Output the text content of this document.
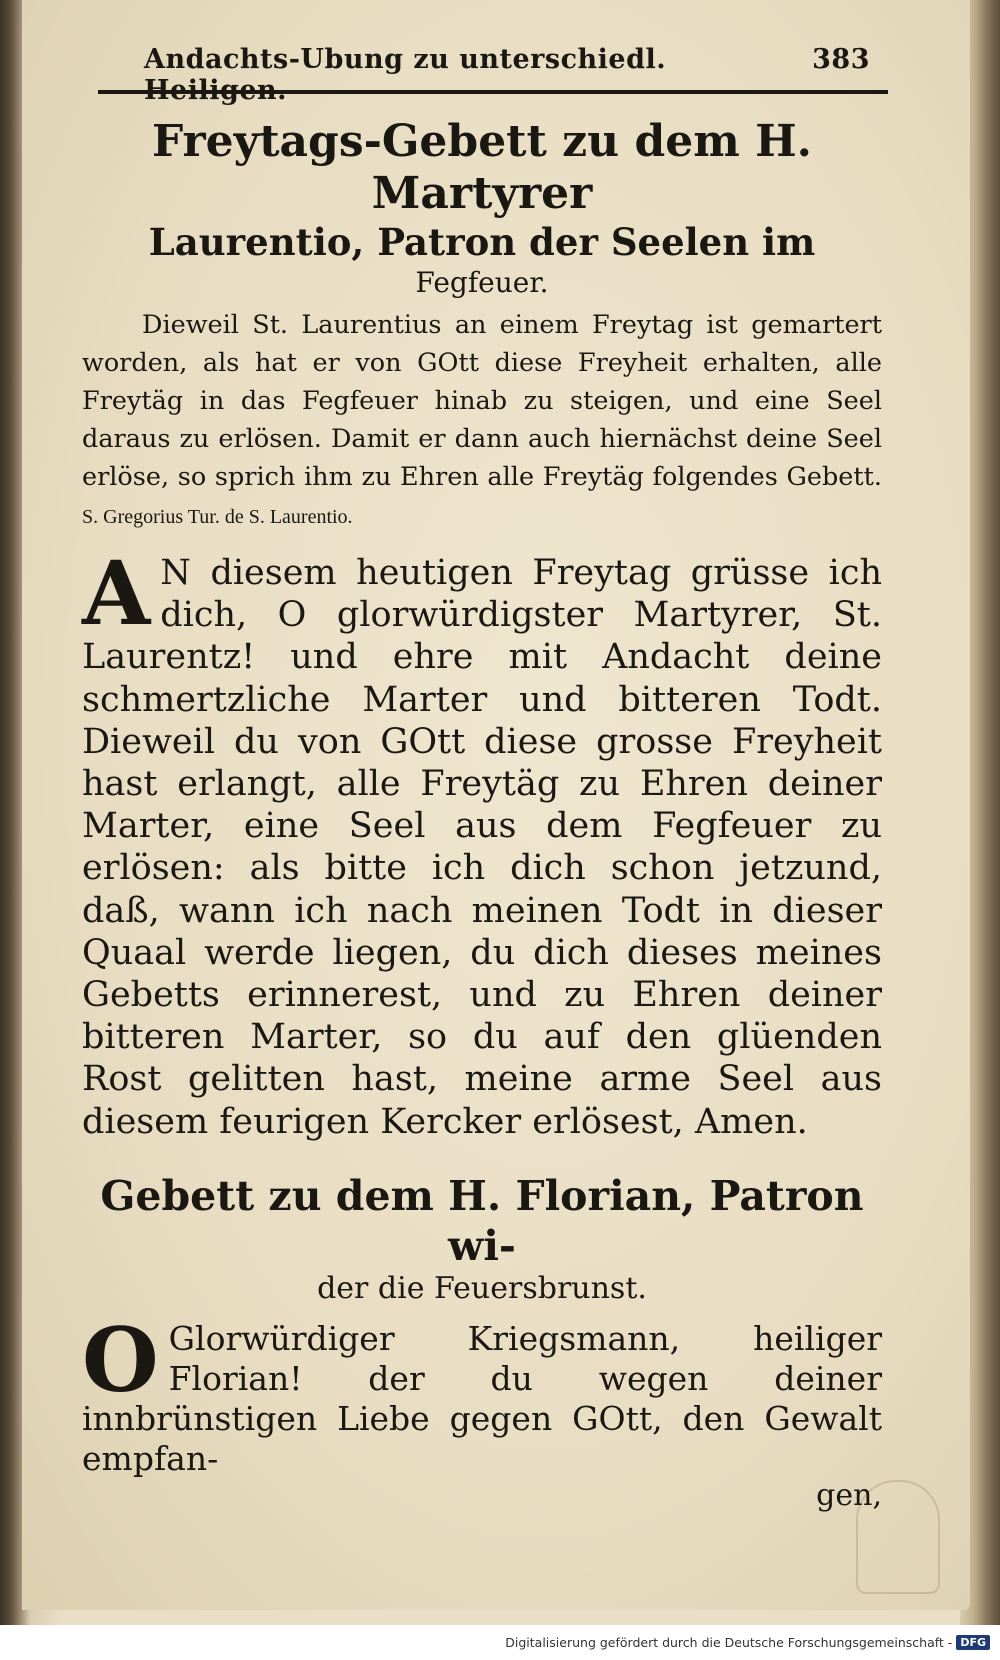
Andachts-Ubung zu unterschiedl. Heiligen.
383
Freytags-Gebett zu dem H. Martyrer
Laurentio, Patron der Seelen im
Fegfeuer.

Dieweil St. Laurentius an einem Freytag ist gemartert worden, als hat er von GOtt diese Freyheit erhalten, alle Freytäg in das Fegfeuer hinab zu steigen, und eine Seel daraus zu erlösen. Damit er dann auch hiernächst deine Seel erlöse, so sprich ihm zu Ehren alle Freytäg folgendes Gebett. S. Gregorius Tur. de S. Laurentio.

A N diesem heutigen Freytag grüsse ich dich, O glorwürdigster Martyrer, St. Laurentz! und ehre mit Andacht deine schmertzliche Marter und bitteren Todt. Dieweil du von GOtt diese grosse Freyheit hast erlangt, alle Freytäg zu Ehren deiner Marter, eine Seel aus dem Fegfeuer zu erlösen: als bitte ich dich schon jetzund, daß, wann ich nach meinen Todt in dieser Quaal werde liegen, du dich dieses meines Gebetts erinnerest, und zu Ehren deiner bitteren Marter, so du auf den glüenden Rost gelitten hast, meine arme Seel aus diesem feurigen Kercker erlösest, Amen.

Gebett zu dem H. Florian, Patron wi-
der die Feuersbrunst.

O Glorwürdiger Kriegsmann, heiliger Florian! der du wegen deiner innbrünstigen Liebe gegen GOtt, den Gewalt empfan-

gen,

Digitalisierung gefördert durch die Deutsche Forschungsgemeinschaft - DFG
